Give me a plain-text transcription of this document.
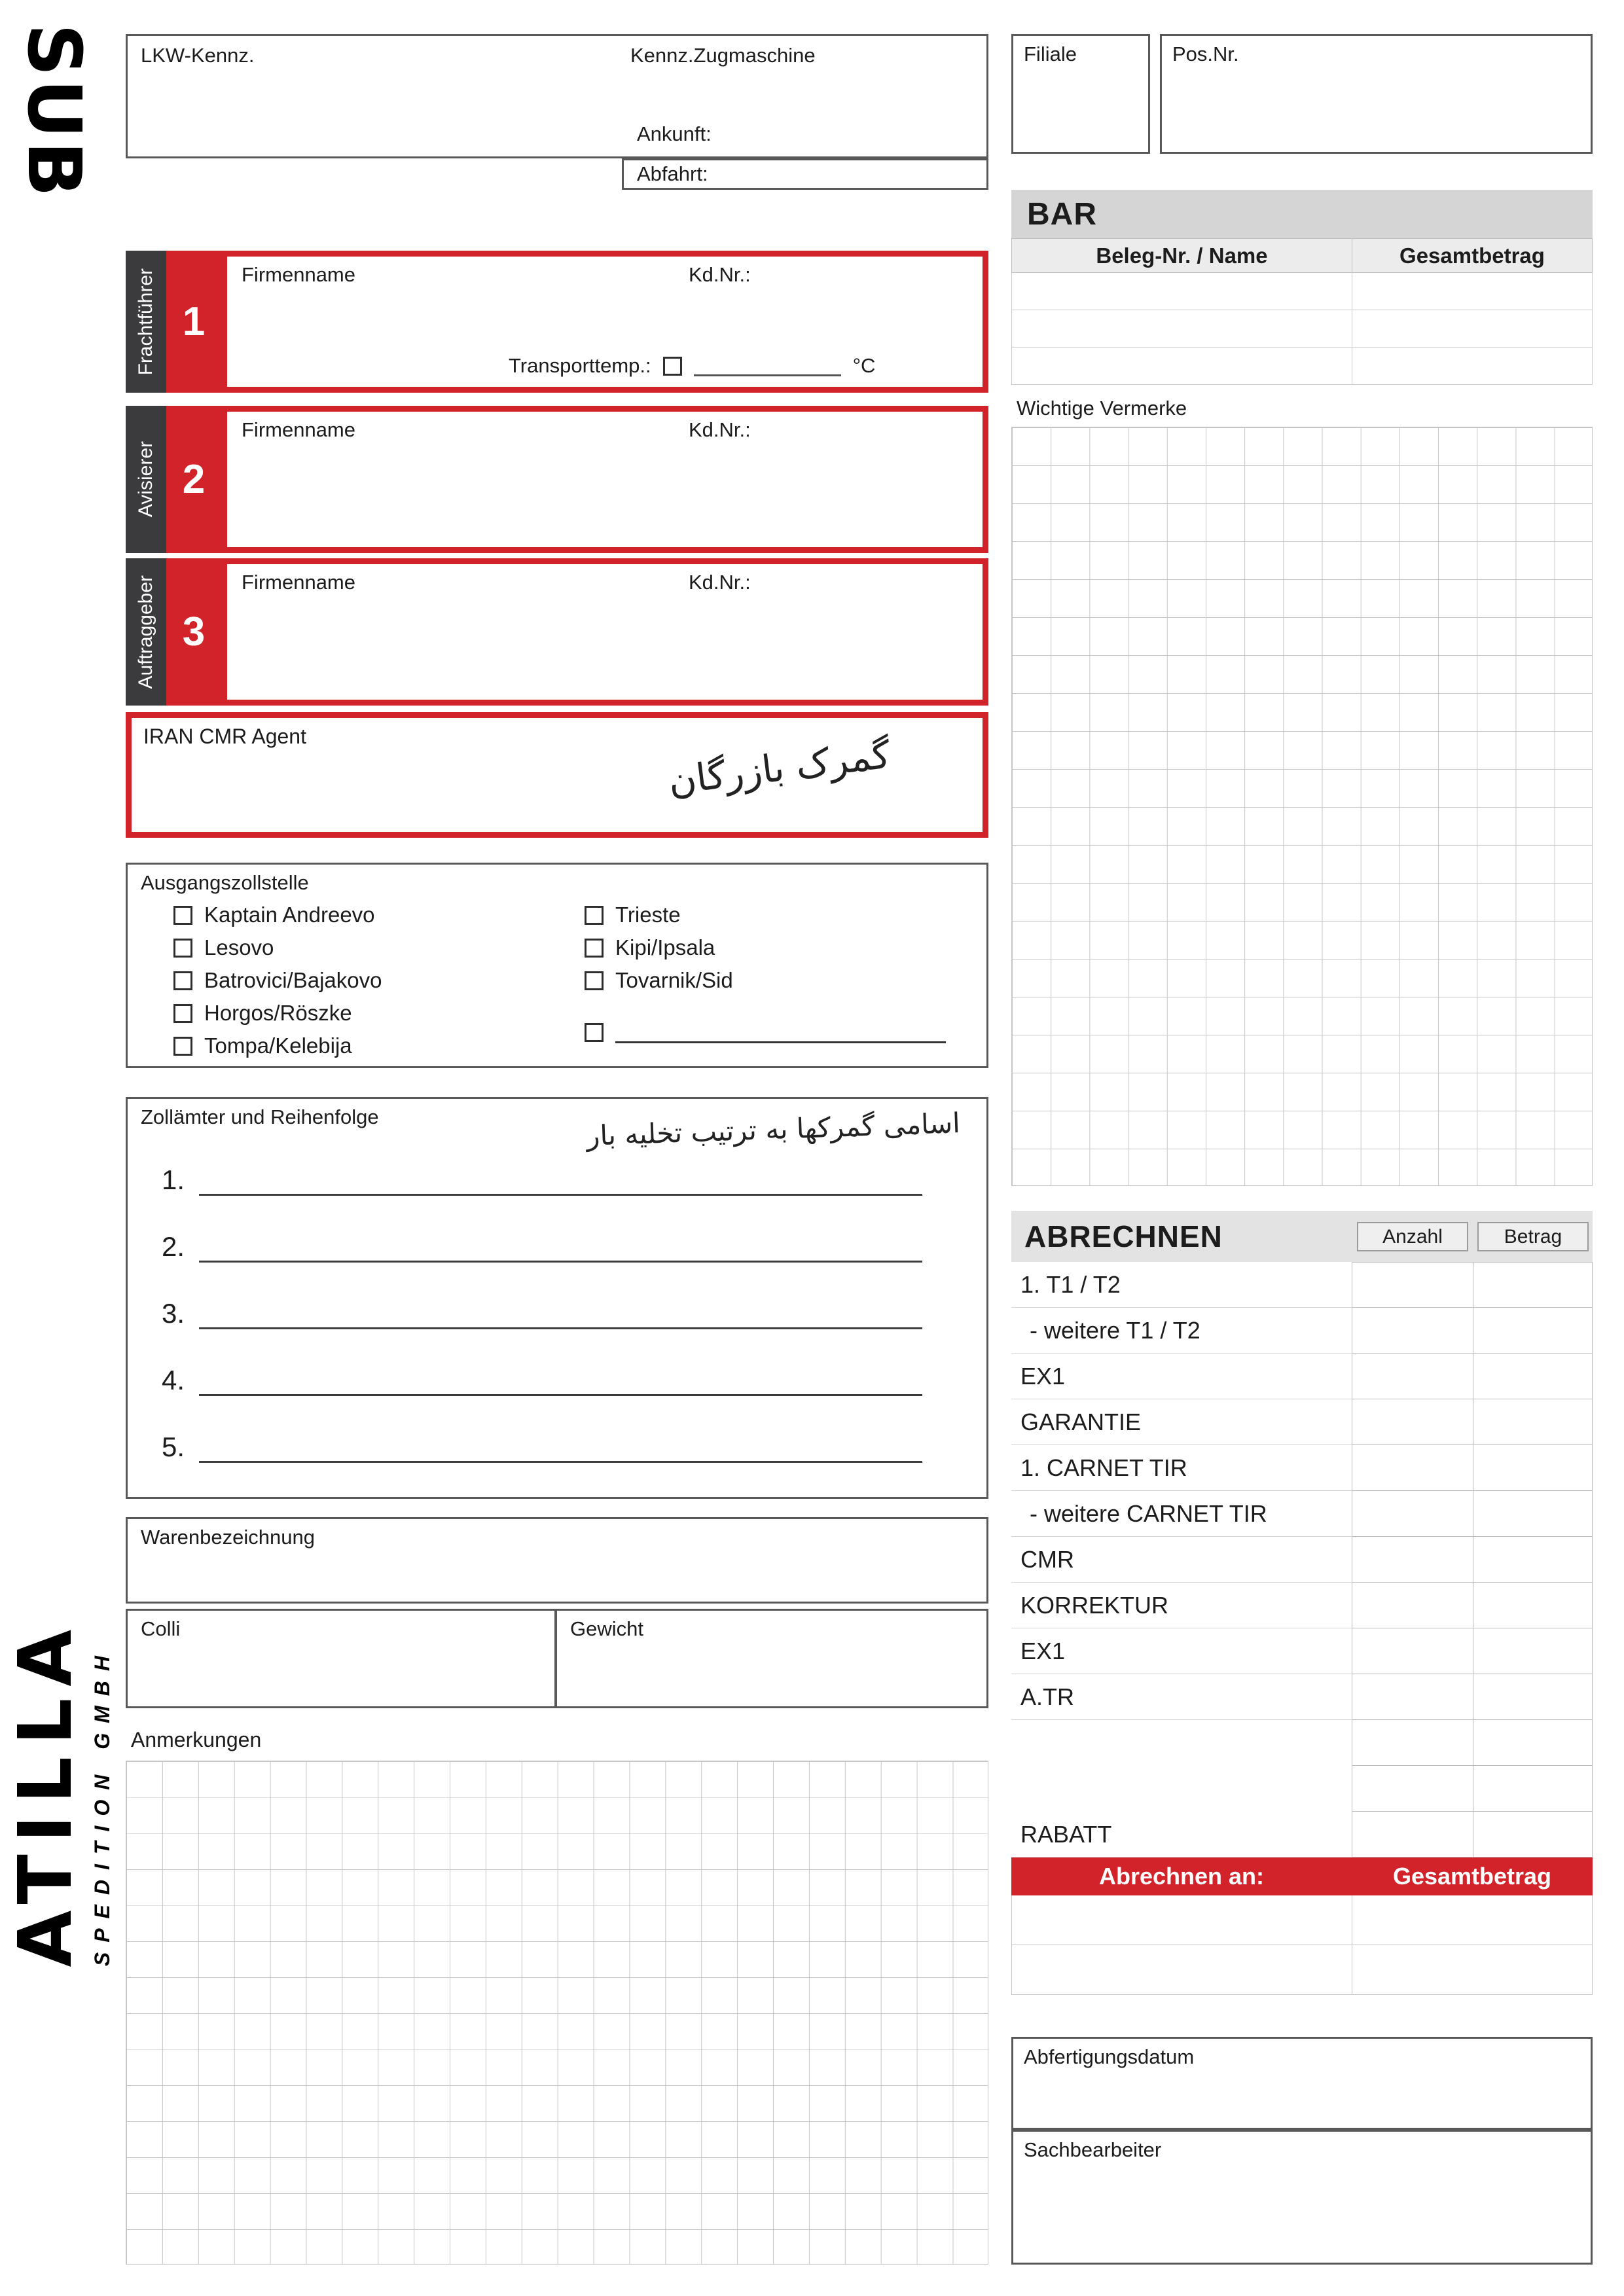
SUB
ATILLA SPEDITION GMBH
LKW-Kennz.	Kennz.Zugmaschine
Ankunft:
Abfahrt:
Filiale	Pos.Nr.
BAR
Beleg-Nr. / Name	Gesamtbetrag
Frachtführer 1
Firmenname	Kd.Nr.:
Transporttemp.:	°C
Avisierer 2
Firmenname	Kd.Nr.:
Auftraggeber 3
Firmenname	Kd.Nr.:
IRAN CMR Agent	گمرک بازرگان
Ausgangszollstelle
Kaptain Andreevo
Lesovo
Batrovici/Bajakovo
Horgos/Röszke
Tompa/Kelebija
Trieste
Kipi/Ipsala
Tovarnik/Sid
Zollämter und Reihenfolge	اسامی گمرکها به ترتیب تخلیه بار
1.
2.
3.
4.
5.
Warenbezeichnung
Colli	Gewicht
Anmerkungen
Wichtige Vermerke
ABRECHNEN	Anzahl	Betrag
1. T1 / T2
- weitere T1 / T2
EX1
GARANTIE
1. CARNET TIR
- weitere CARNET TIR
CMR
KORREKTUR
EX1
A.TR
RABATT
Abrechnen an:	Gesamtbetrag
Abfertigungsdatum
Sachbearbeiter
